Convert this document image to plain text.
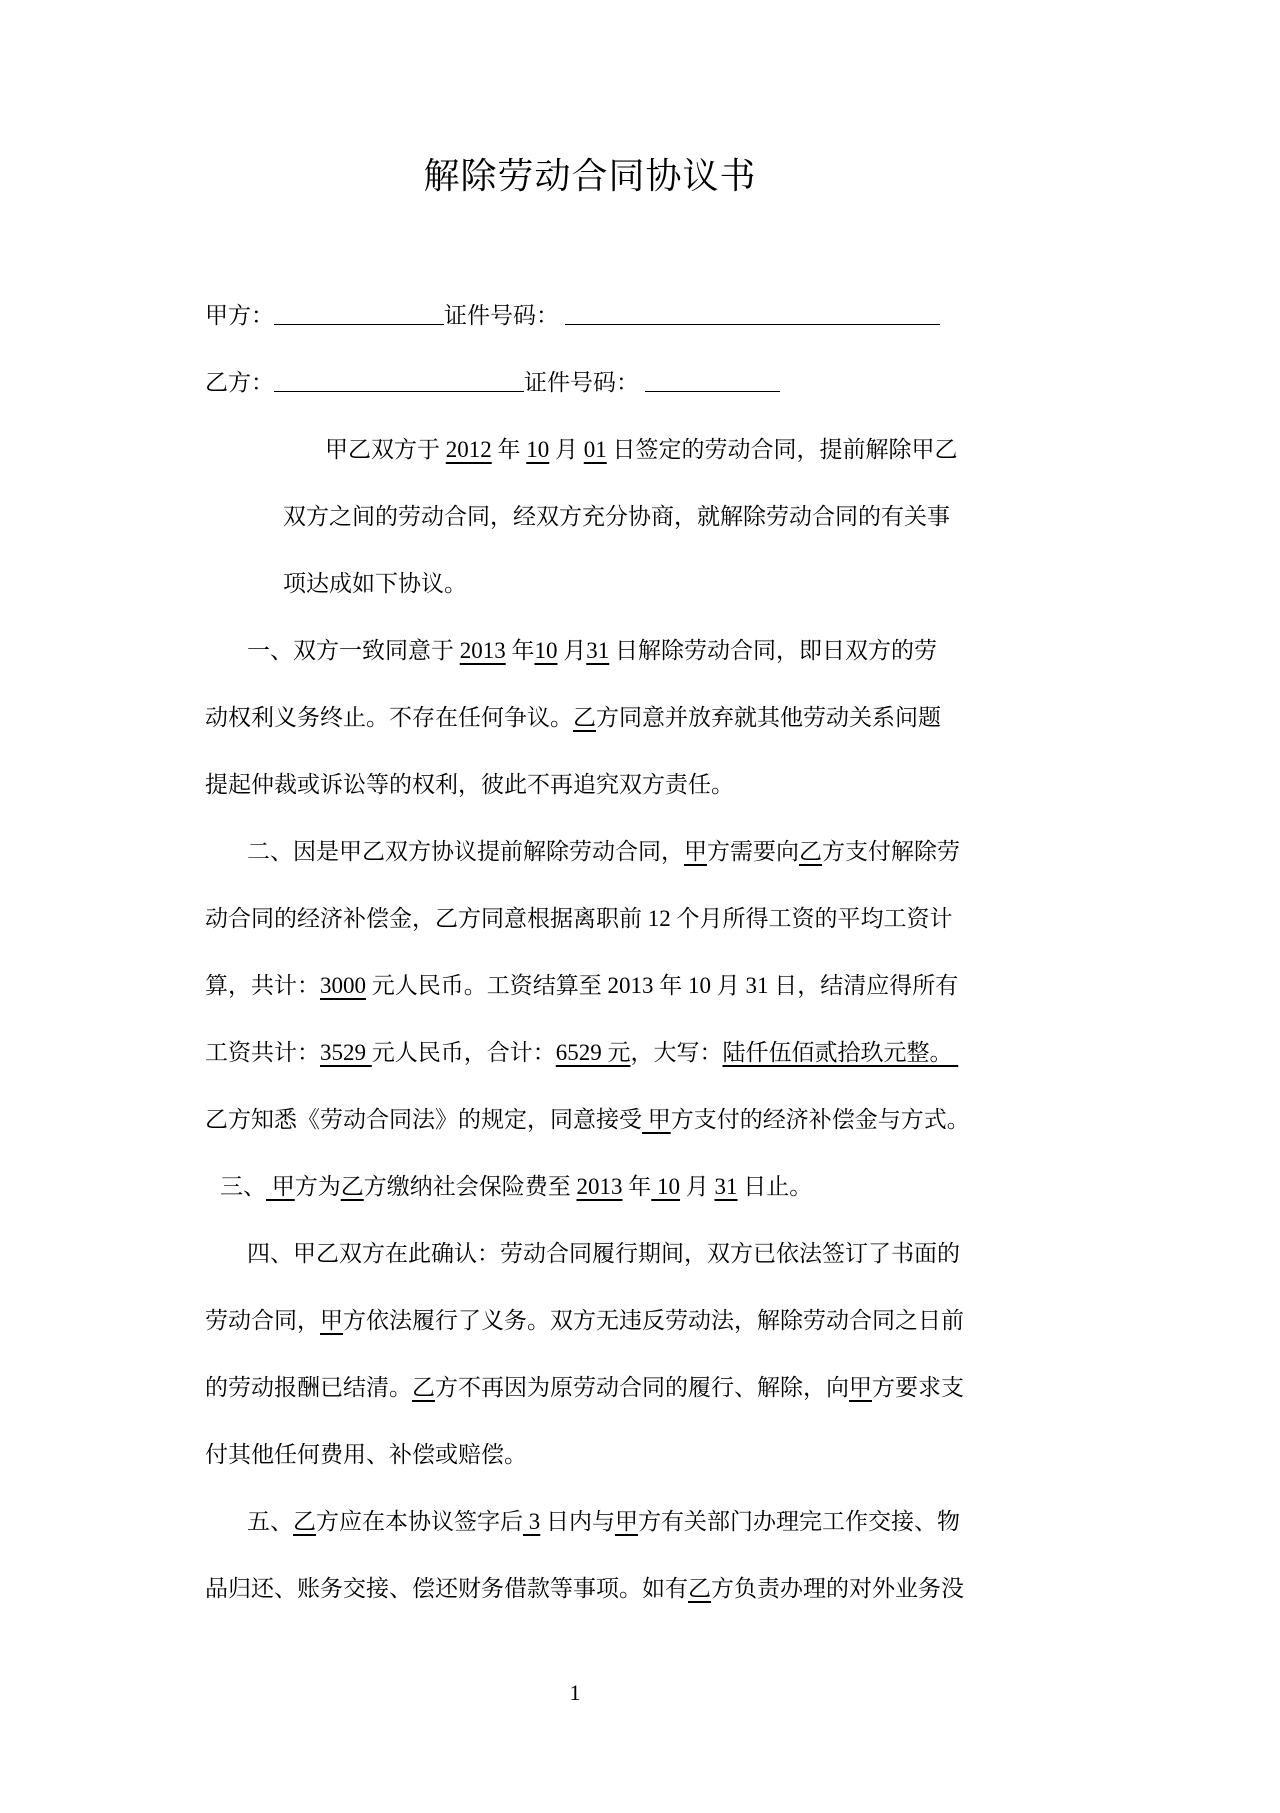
解除劳动合同协议书
甲方：	证件号码：
乙方：	证件号码：
甲乙双方于 2012 年 10 月 01 日签定的劳动合同，提前解除甲乙
双方之间的劳动合同，经双方充分协商，就解除劳动合同的有关事
项达成如下协议。
一、双方一致同意于 2013 年10 月31 日解除劳动合同，即日双方的劳
动权利义务终止。不存在任何争议。乙方同意并放弃就其他劳动关系问题
提起仲裁或诉讼等的权利，彼此不再追究双方责任。
二、因是甲乙双方协议提前解除劳动合同，甲方需要向乙方支付解除劳
动合同的经济补偿金，乙方同意根据离职前 12 个月所得工资的平均工资计
算，共计：3000 元人民币。工资结算至 2013 年 10 月 31 日，结清应得所有
工资共计：3529 元人民币，合计：6529 元，大写：陆仟伍佰贰拾玖元整。
乙方知悉《劳动合同法》的规定，同意接受 甲方支付的经济补偿金与方式。
三、 甲方为乙方缴纳社会保险费至 2013 年 10 月 31 日止。
四、甲乙双方在此确认：劳动合同履行期间，双方已依法签订了书面的
劳动合同，甲方依法履行了义务。双方无违反劳动法，解除劳动合同之日前
的劳动报酬已结清。乙方不再因为原劳动合同的履行、解除，向甲方要求支
付其他任何费用、补偿或赔偿。
五、乙方应在本协议签字后 3 日内与甲方有关部门办理完工作交接、物
品归还、账务交接、偿还财务借款等事项。如有乙方负责办理的对外业务没
1
